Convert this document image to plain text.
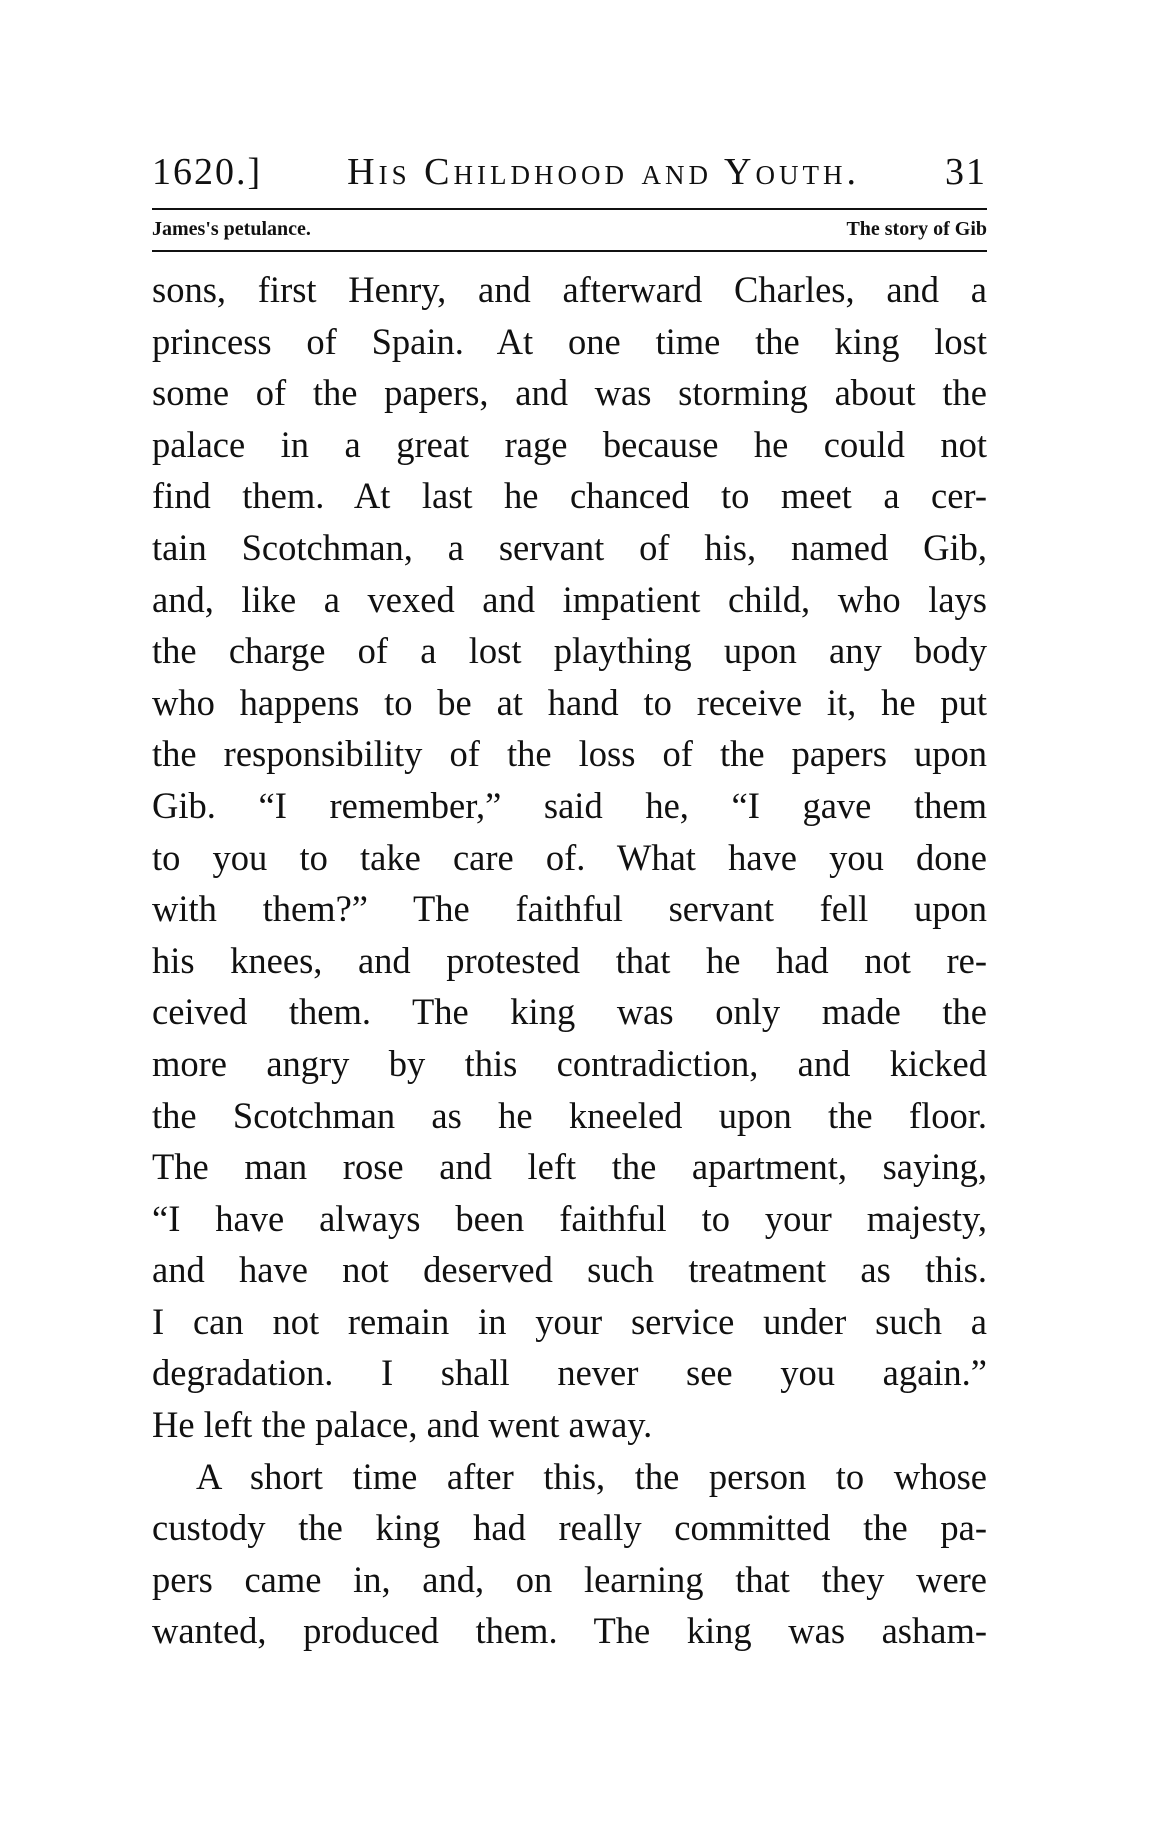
1620.] His Childhood and Youth. 31
James's petulance.	The story of Gib
sons, first Henry, and afterward Charles, and a
princess of Spain. At one time the king lost
some of the papers, and was storming about the
palace in a great rage because he could not
find them. At last he chanced to meet a cer-
tain Scotchman, a servant of his, named Gib,
and, like a vexed and impatient child, who lays
the charge of a lost plaything upon any body
who happens to be at hand to receive it, he put
the responsibility of the loss of the papers upon
Gib. “I remember,” said he, “I gave them
to you to take care of. What have you done
with them?” The faithful servant fell upon
his knees, and protested that he had not re-
ceived them. The king was only made the
more angry by this contradiction, and kicked
the Scotchman as he kneeled upon the floor.
The man rose and left the apartment, saying,
“I have always been faithful to your majesty,
and have not deserved such treatment as this.
I can not remain in your service under such a
degradation. I shall never see you again.”
He left the palace, and went away.
A short time after this, the person to whose
custody the king had really committed the pa-
pers came in, and, on learning that they were
wanted, produced them. The king was asham-
